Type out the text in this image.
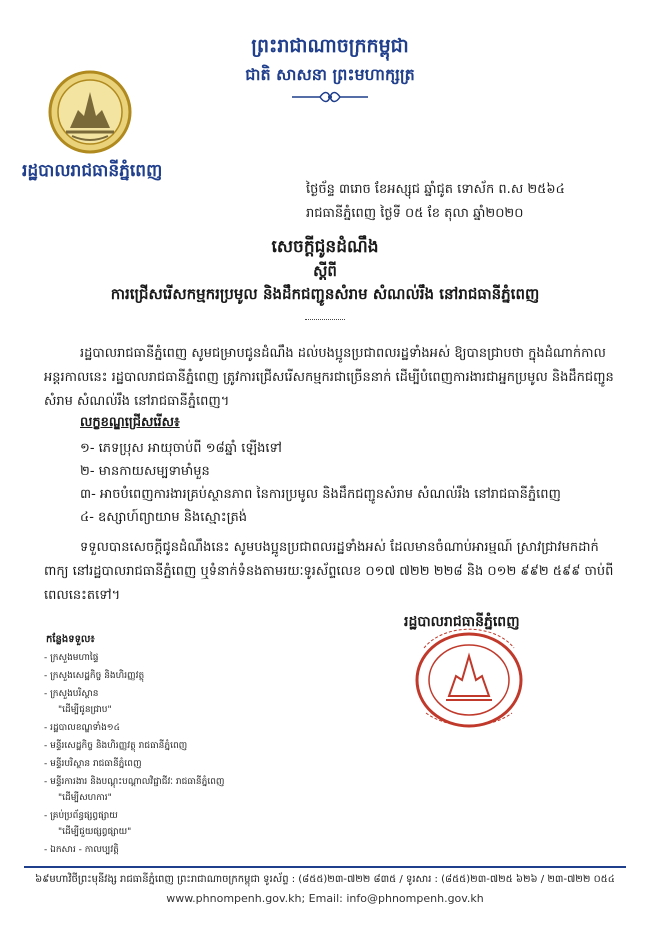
ព្រះរាជាណាចក្រកម្ពុជា
ជាតិ សាសនា ព្រះមហាក្សត្រ
រដ្ឋបាលរាជធានីភ្នំពេញ
ថ្ងៃច័ន្ទ ៣រោច ខែអស្សុជ ឆ្នាំជូត ទោស័ក ព.ស ២៥៦៤
រាជធានីភ្នំពេញ ថ្ងៃទី ០៥ ខែ តុលា ឆ្នាំ២០២០
សេចក្តីជូនដំណឹង
ស្តីពី
ការជ្រើសរើសកម្មករប្រមូល និងដឹកជញ្ជូនសំរាម សំណល់រឹង នៅរាជធានីភ្នំពេញ
រដ្ឋបាលរាជធានីភ្នំពេញ សូមជម្រាបជូនដំណឹង ដល់បងប្អូនប្រជាពលរដ្ឋទាំងអស់ ឱ្យបានជ្រាបថា ក្នុងដំណាក់កាលអន្តរកាលនេះ រដ្ឋបាលរាជធានីភ្នំពេញ ត្រូវការជ្រើសរើសកម្មករជាច្រើននាក់ ដើម្បីបំពេញការងារជាអ្នកប្រមូល និងដឹកជញ្ជូនសំរាម សំណល់រឹង នៅរាជធានីភ្នំពេញ។
លក្ខខណ្ឌជ្រើសរើស៖
១- ភេទប្រុស អាយុចាប់ពី ១៨ឆ្នាំ ឡើងទៅ
២- មានកាយសម្បទាមាំមួន
៣- អាចបំពេញការងារគ្រប់ស្ថានភាព នៃការប្រមូល និងដឹកជញ្ជូនសំរាម សំណល់រឹង នៅរាជធានីភ្នំពេញ
៤- ឧស្សាហ៍ព្យាយាម និងស្មោះត្រង់
ទទួលបានសេចក្តីជូនដំណឹងនេះ សូមបងប្អូនប្រជាពលរដ្ឋទាំងអស់ ដែលមានចំណាប់អារម្មណ៍ ស្រាវជ្រាវមកដាក់ពាក្យ នៅរដ្ឋបាលរាជធានីភ្នំពេញ ឬទំនាក់ទំនងតាមរយៈទូរស័ព្ទលេខ ០១៧ ៧២២ ២២៨ និង ០១២ ៩៩២ ៥៩៩ ចាប់ពីពេលនេះតទៅ។
រដ្ឋបាលរាជធានីភ្នំពេញ
កន្លែងទទួល៖
- ក្រសួងមហាផ្ទៃ
- ក្រសួងសេដ្ឋកិច្ច និងហិរញ្ញវត្ថុ
- ក្រសួងបរិស្ថាន
"ដើម្បីជូនជ្រាប"
- រដ្ឋបាលខណ្ឌទាំង១៤
- មន្ទីរសេដ្ឋកិច្ច និងហិរញ្ញវត្ថុ រាជធានីភ្នំពេញ
- មន្ទីរបរិស្ថាន រាជធានីភ្នំពេញ
- មន្ទីរការងារ និងបណ្តុះបណ្តាលវិជ្ជាជីវៈ រាជធានីភ្នំពេញ
"ដើម្បីសហការ"
- គ្រប់ប្រព័ន្ធផ្សព្វផ្សាយ
"ដើម្បីជួយផ្សព្វផ្សាយ"
- ឯកសារ - កាលប្បវត្តិ
៦៩មហាវិថីព្រះមុនីវង្ស រាជធានីភ្នំពេញ ព្រះរាជាណាចក្រកម្ពុជា ទូរស័ព្ទ : (៨៥៥)២៣-៧២២ ៨៣៥ / ទូរសារ : (៨៥៥)២៣-៧២៥ ៦២៦ / ២៣-៧២២ ០៥៤
www.phnompenh.gov.kh; Email: info@phnompenh.gov.kh
